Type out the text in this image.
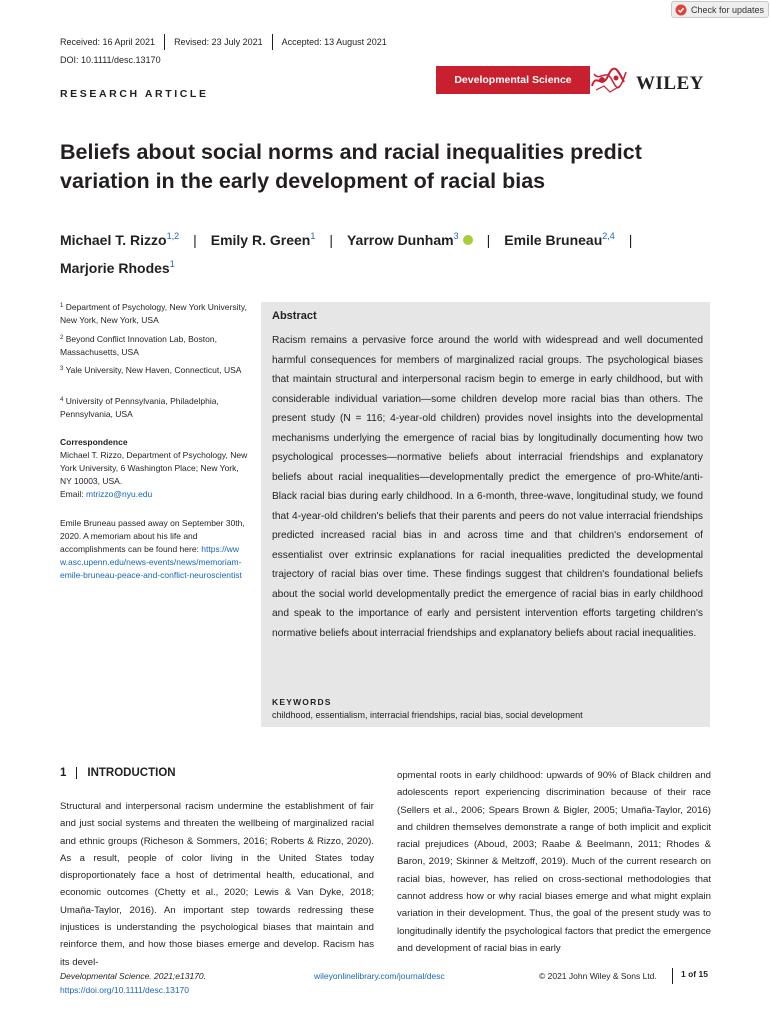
Check for updates
Received: 16 April 2021	Revised: 23 July 2021	Accepted: 13 August 2021
DOI: 10.1111/desc.13170
RESEARCH ARTICLE
Developmental Science	WILEY
Beliefs about social norms and racial inequalities predict variation in the early development of racial bias
Michael T. Rizzo$^{1,2}$ | Emily R. Green$^1$ | Yarrow Dunham$^3$ | Emile Bruneau$^{2,4}$ |
Marjorie Rhodes$^1$
$^1$ Department of Psychology, New York University, New York, New York, USA
$^2$ Beyond Conflict Innovation Lab, Boston, Massachusetts, USA
$^3$ Yale University, New Haven, Connecticut, USA
$^4$ University of Pennsylvania, Philadelphia, Pennsylvania, USA
Correspondence
Michael T. Rizzo, Department of Psychology, New York University, 6 Washington Place; New York, NY 10003, USA.
Email: mtrizzo@nyu.edu
Emile Bruneau passed away on September 30th, 2020. A memoriam about his life and accomplishments can be found here: https://www.asc.upenn.edu/news-events/news/memoriam-emile-bruneau-peace-and-conflict-neuroscientist
Abstract

Racism remains a pervasive force around the world with widespread and well documented harmful consequences for members of marginalized racial groups. The psychological biases that maintain structural and interpersonal racism begin to emerge in early childhood, but with considerable individual variation—some children develop more racial bias than others. The present study (N = 116; 4-year-old children) provides novel insights into the developmental mechanisms underlying the emergence of racial bias by longitudinally documenting how two psychological processes—normative beliefs about interracial friendships and explanatory beliefs about racial inequalities—developmentally predict the emergence of pro-White/anti-Black racial bias during early childhood. In a 6-month, three-wave, longitudinal study, we found that 4-year-old children's beliefs that their parents and peers do not value interracial friendships predicted increased racial bias in and across time and that children's endorsement of essentialist over extrinsic explanations for racial inequalities predicted the developmental trajectory of racial bias over time. These findings suggest that children's foundational beliefs about the social world developmentally predict the emergence of racial bias in early childhood and speak to the importance of early and persistent intervention efforts targeting children's normative beliefs about interracial friendships and explanatory beliefs about racial inequalities.

KEYWORDS
childhood, essentialism, interracial friendships, racial bias, social development
1 INTRODUCTION

Structural and interpersonal racism undermine the establishment of fair and just social systems and threaten the wellbeing of marginalized racial and ethnic groups (Richeson & Sommers, 2016; Roberts & Rizzo, 2020). As a result, people of color living in the United States today disproportionately face a host of detrimental health, educational, and economic outcomes (Chetty et al., 2020; Lewis & Van Dyke, 2018; Umaña-Taylor, 2016). An important step towards redressing these injustices is understanding the psychological biases that maintain and reinforce them, and how those biases emerge and develop. Racism has its devel-

opmental roots in early childhood: upwards of 90% of Black children and adolescents report experiencing discrimination because of their race (Sellers et al., 2006; Spears Brown & Bigler, 2005; Umaña-Taylor, 2016) and children themselves demonstrate a range of both implicit and explicit racial prejudices (Aboud, 2003; Raabe & Beelmann, 2011; Rhodes & Baron, 2019; Skinner & Meltzoff, 2019). Much of the current research on racial bias, however, has relied on cross-sectional methodologies that cannot address how or why racial biases emerge and what might explain variation in their development. Thus, the goal of the present study was to longitudinally identify the psychological factors that predict the emergence and development of racial bias in early

Developmental Science. 2021;e13170.
https://doi.org/10.1111/desc.13170
wileyonlinelibrary.com/journal/desc	© 2021 John Wiley & Sons Ltd.	1 of 15
